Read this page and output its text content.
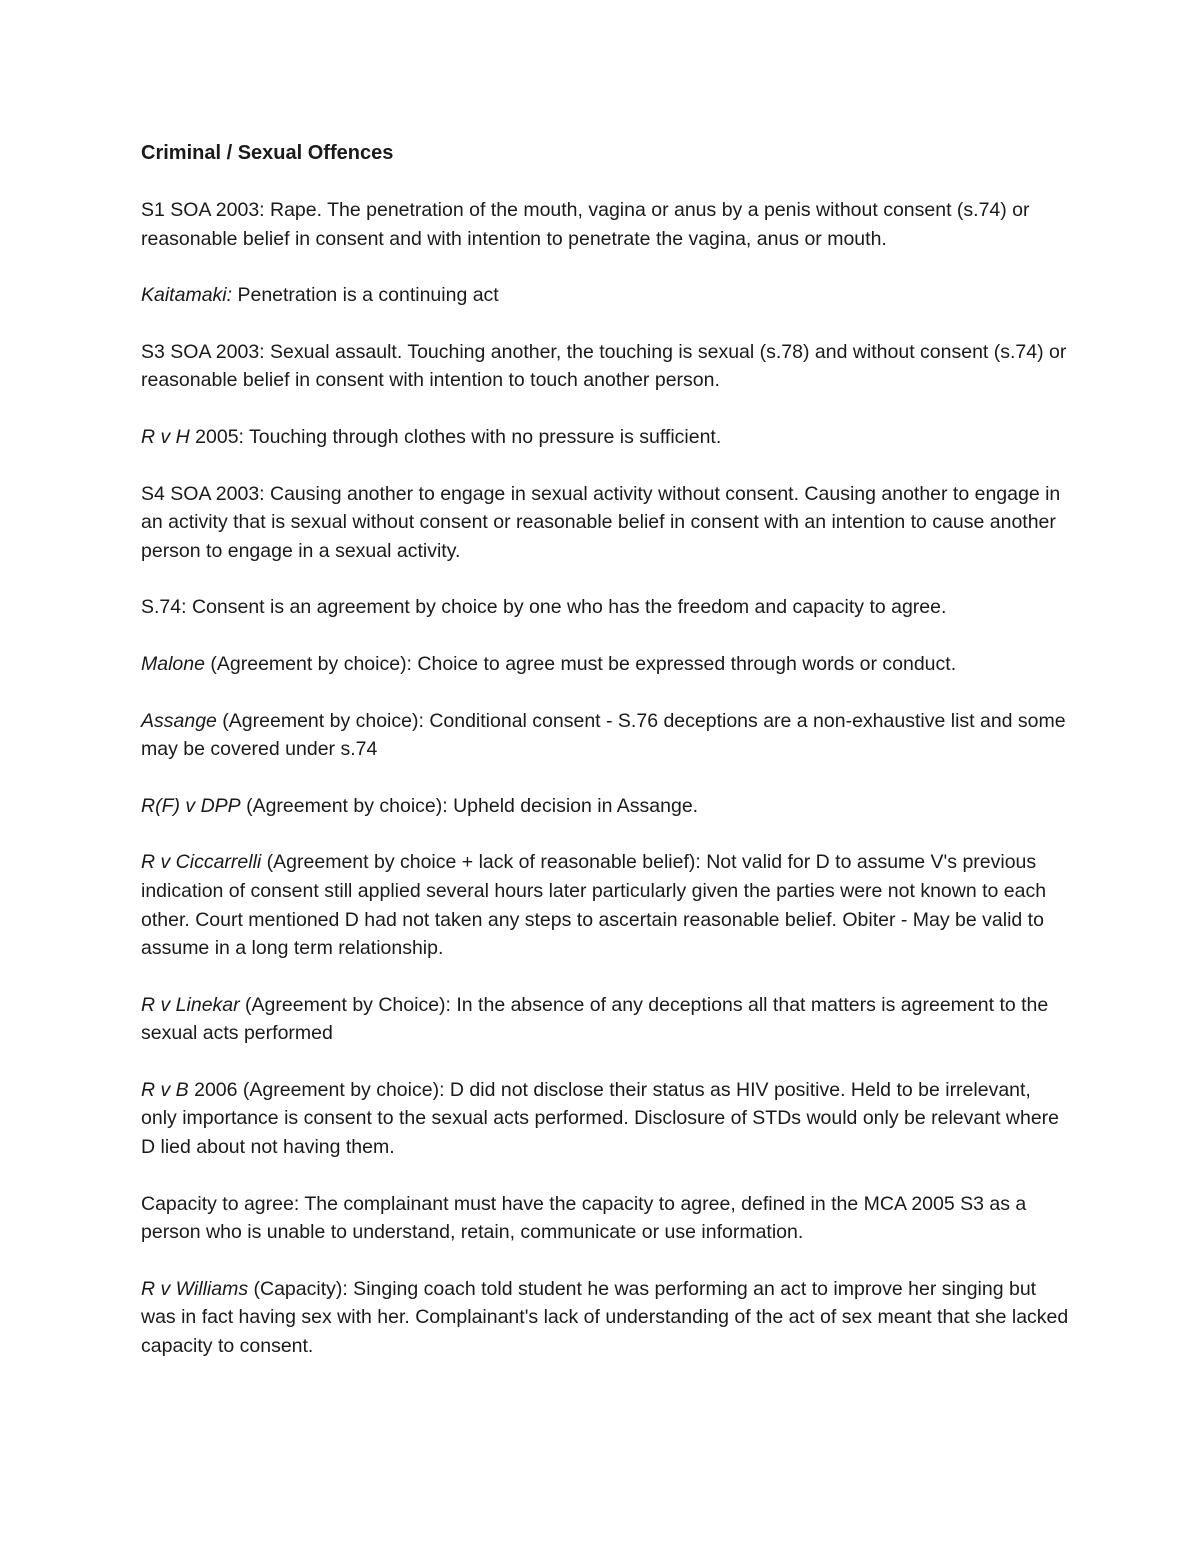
Criminal / Sexual Offences

S1 SOA 2003: Rape. The penetration of the mouth, vagina or anus by a penis without consent (s.74) or reasonable belief in consent and with intention to penetrate the vagina, anus or mouth.

Kaitamaki: Penetration is a continuing act

S3 SOA 2003: Sexual assault. Touching another, the touching is sexual (s.78) and without consent (s.74) or reasonable belief in consent with intention to touch another person.

R v H 2005: Touching through clothes with no pressure is sufficient.

S4 SOA 2003: Causing another to engage in sexual activity without consent. Causing another to engage in an activity that is sexual without consent or reasonable belief in consent with an intention to cause another person to engage in a sexual activity.

S.74: Consent is an agreement by choice by one who has the freedom and capacity to agree.

Malone (Agreement by choice): Choice to agree must be expressed through words or conduct.

Assange (Agreement by choice): Conditional consent - S.76 deceptions are a non-exhaustive list and some may be covered under s.74

R(F) v DPP (Agreement by choice): Upheld decision in Assange.

R v Ciccarrelli (Agreement by choice + lack of reasonable belief): Not valid for D to assume V's previous indication of consent still applied several hours later particularly given the parties were not known to each other. Court mentioned D had not taken any steps to ascertain reasonable belief. Obiter - May be valid to assume in a long term relationship.

R v Linekar (Agreement by Choice): In the absence of any deceptions all that matters is agreement to the sexual acts performed

R v B 2006 (Agreement by choice): D did not disclose their status as HIV positive. Held to be irrelevant, only importance is consent to the sexual acts performed. Disclosure of STDs would only be relevant where D lied about not having them.

Capacity to agree: The complainant must have the capacity to agree, defined in the MCA 2005 S3 as a person who is unable to understand, retain, communicate or use information.

R v Williams (Capacity): Singing coach told student he was performing an act to improve her singing but was in fact having sex with her. Complainant's lack of understanding of the act of sex meant that she lacked capacity to consent.
